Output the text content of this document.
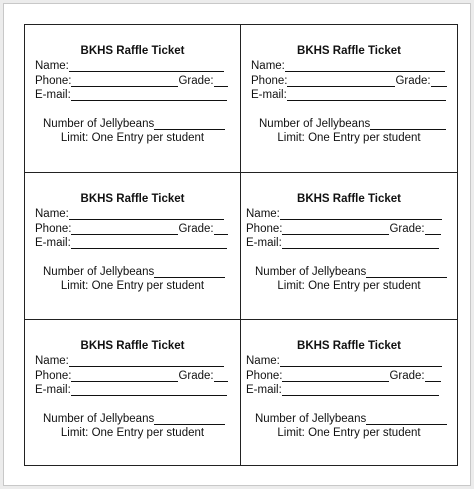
BKHS Raffle Ticket
Name:
Phone:	Grade:
E-mail:
Number of Jellybeans
Limit: One Entry per student
BKHS Raffle Ticket
Name:
Phone:	Grade:
E-mail:
Number of Jellybeans
Limit: One Entry per student
BKHS Raffle Ticket
Name:
Phone:	Grade:
E-mail:
Number of Jellybeans
Limit: One Entry per student
BKHS Raffle Ticket
Name:
Phone:	Grade:
E-mail:
Number of Jellybeans
Limit: One Entry per student
BKHS Raffle Ticket
Name:
Phone:	Grade:
E-mail:
Number of Jellybeans
Limit: One Entry per student
BKHS Raffle Ticket
Name:
Phone:	Grade:
E-mail:
Number of Jellybeans
Limit: One Entry per student
